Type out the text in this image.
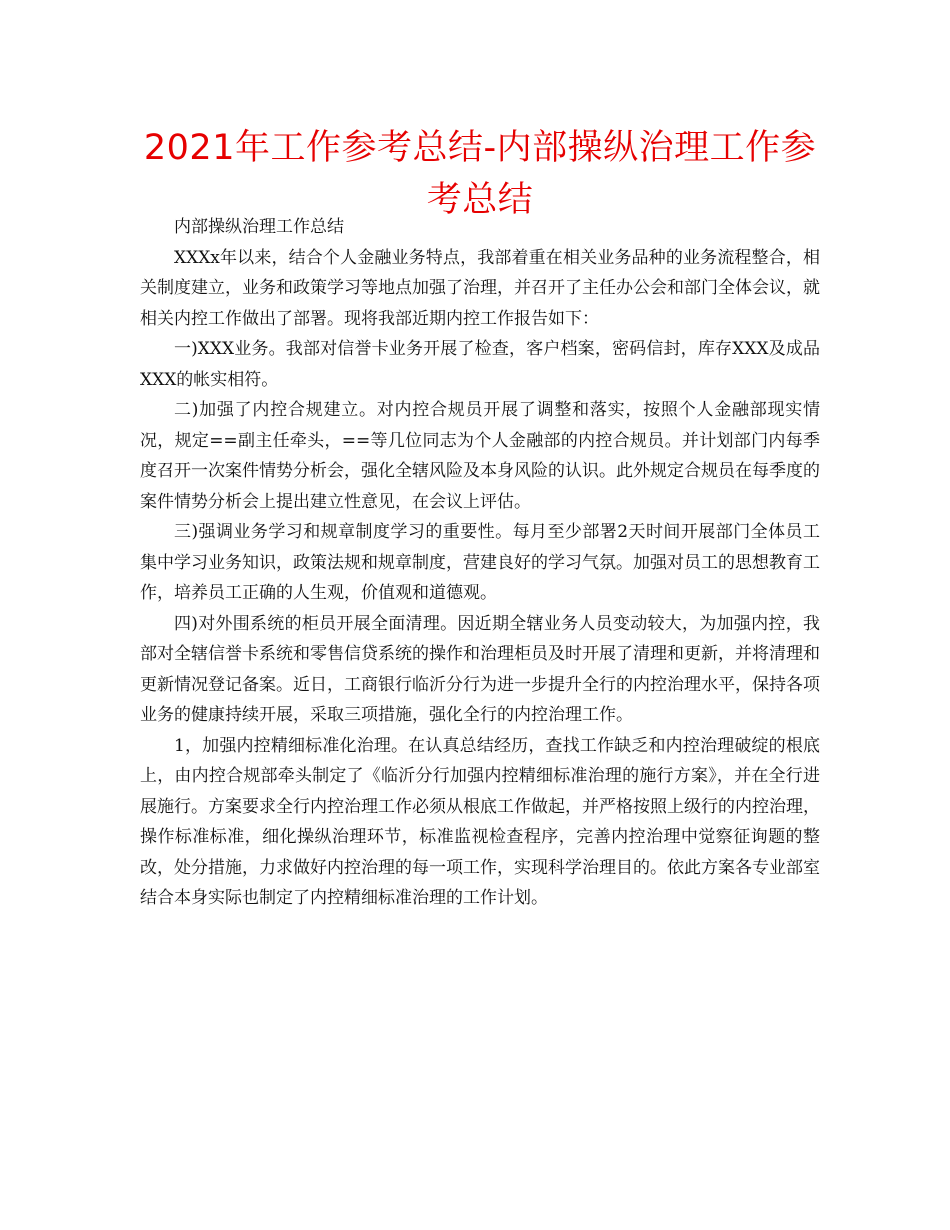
2021年工作参考总结-内部操纵治理工作参考总结

内部操纵治理工作总结

XXXx年以来，结合个人金融业务特点，我部着重在相关业务品种的业务流程整合，相关制度建立，业务和政策学习等地点加强了治理，并召开了主任办公会和部门全体会议，就相关内控工作做出了部署。现将我部近期内控工作报告如下：

一)XXX业务。我部对信誉卡业务开展了检查，客户档案，密码信封，库存XXX及成品XXX的帐实相符。

二)加强了内控合规建立。对内控合规员开展了调整和落实，按照个人金融部现实情况，规定==副主任牵头，==等几位同志为个人金融部的内控合规员。并计划部门内每季度召开一次案件情势分析会，强化全辖风险及本身风险的认识。此外规定合规员在每季度的案件情势分析会上提出建立性意见，在会议上评估。

三)强调业务学习和规章制度学习的重要性。每月至少部署2天时间开展部门全体员工集中学习业务知识，政策法规和规章制度，营建良好的学习气氛。加强对员工的思想教育工作，培养员工正确的人生观，价值观和道德观。

四)对外围系统的柜员开展全面清理。因近期全辖业务人员变动较大，为加强内控，我部对全辖信誉卡系统和零售信贷系统的操作和治理柜员及时开展了清理和更新，并将清理和更新情况登记备案。近日，工商银行临沂分行为进一步提升全行的内控治理水平，保持各项业务的健康持续开展，采取三项措施，强化全行的内控治理工作。

1，加强内控精细标准化治理。在认真总结经历，查找工作缺乏和内控治理破绽的根底上，由内控合规部牵头制定了《临沂分行加强内控精细标准治理的施行方案》，并在全行进展施行。方案要求全行内控治理工作必须从根底工作做起，并严格按照上级行的内控治理，操作标准标准，细化操纵治理环节，标准监视检查程序，完善内控治理中觉察征询题的整改，处分措施，力求做好内控治理的每一项工作，实现科学治理目的。依此方案各专业部室结合本身实际也制定了内控精细标准治理的工作计划。
